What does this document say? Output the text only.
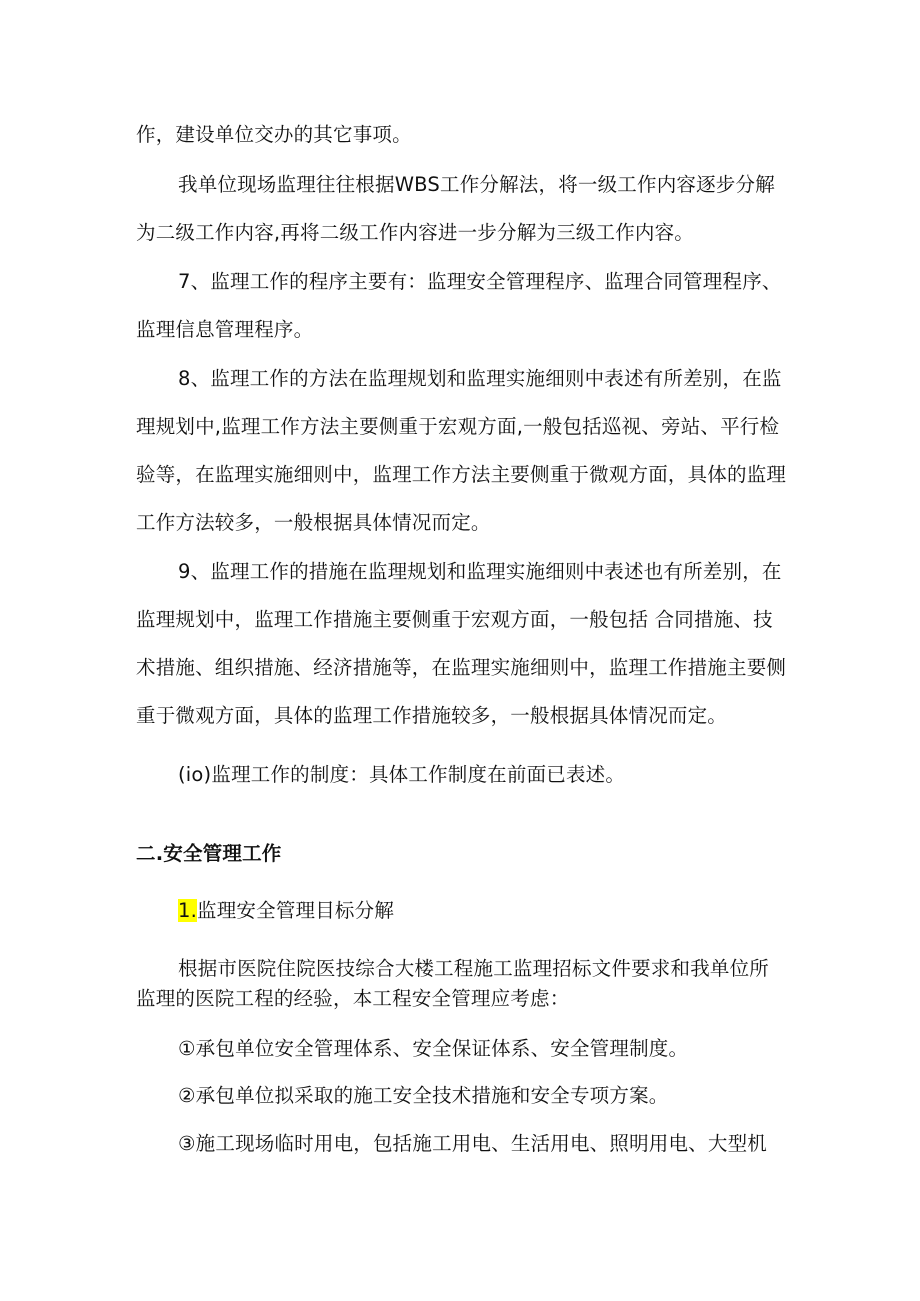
作，建设单位交办的其它事项。
我单位现场监理往往根据WBS工作分解法，将一级工作内容逐步分解
为二级工作内容,再将二级工作内容进一步分解为三级工作内容。
7、监理工作的程序主要有：监理安全管理程序、监理合同管理程序、
监理信息管理程序。
8、监理工作的方法在监理规划和监理实施细则中表述有所差别，在监
理规划中,监理工作方法主要侧重于宏观方面,一般包括巡视、旁站、平行检
验等，在监理实施细则中，监理工作方法主要侧重于微观方面，具体的监理
工作方法较多，一般根据具体情况而定。
9、监理工作的措施在监理规划和监理实施细则中表述也有所差别，在
监理规划中，监理工作措施主要侧重于宏观方面，一般包括 合同措施、技
术措施、组织措施、经济措施等，在监理实施细则中，监理工作措施主要侧
重于微观方面，具体的监理工作措施较多，一般根据具体情况而定。
(io)监理工作的制度：具体工作制度在前面已表述。
二.安全管理工作
1.监理安全管理目标分解
根据市医院住院医技综合大楼工程施工监理招标文件要求和我单位所
监理的医院工程的经验，本工程安全管理应考虑：
①承包单位安全管理体系、安全保证体系、安全管理制度。
②承包单位拟采取的施工安全技术措施和安全专项方案。
③施工现场临时用电，包括施工用电、生活用电、照明用电、大型机
